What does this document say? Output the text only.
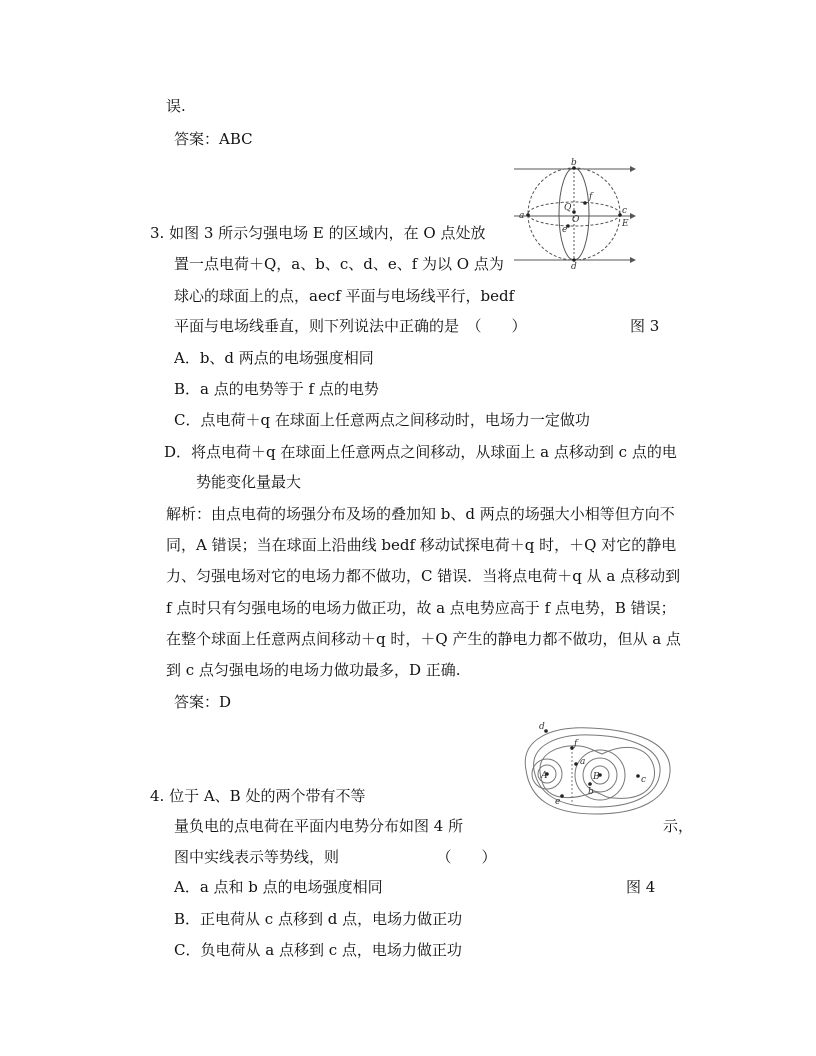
误.
答案：ABC
3. 如图 3 所示匀强电场 E 的区域内，在 O 点处放
置一点电荷＋Q，a、b、c、d、e、f 为以 O 点为
球心的球面上的点，aecf 平面与电场线平行，bedf
平面与电场线垂直，则下列说法中正确的是　（　　）	图 3
A．b、d 两点的电场强度相同
B．a 点的电势等于 f 点的电势
C．点电荷＋q 在球面上任意两点之间移动时，电场力一定做功
D．将点电荷＋q 在球面上任意两点之间移动，从球面上 a 点移动到 c 点的电
势能变化量最大
解析：由点电荷的场强分布及场的叠加知 b、d 两点的场强大小相等但方向不
同，A 错误；当在球面上沿曲线 bedf 移动试探电荷＋q 时，＋Q 对它的静电
力、匀强电场对它的电场力都不做功，C 错误．当将点电荷＋q 从 a 点移动到
f 点时只有匀强电场的电场力做正功，故 a 点电势应高于 f 点电势，B 错误；
在整个球面上任意两点间移动＋q 时，＋Q 产生的静电力都不做功，但从 a 点
到 c 点匀强电场的电场力做功最多，D 正确.
答案：D
4. 位于 A、B 处的两个带有不等
量负电的点电荷在平面内电势分布如图 4 所	示，
图中实线表示等势线，则　　　　　　　（　　）
A．a 点和 b 点的电场强度相同	图 4
B．正电荷从 c 点移到 d 点，电场力做正功
C．负电荷从 a 点移到 c 点，电场力做正功
b
d
a	c
e
f
Q
O	E
A	B
a
b
c
d
e
f
